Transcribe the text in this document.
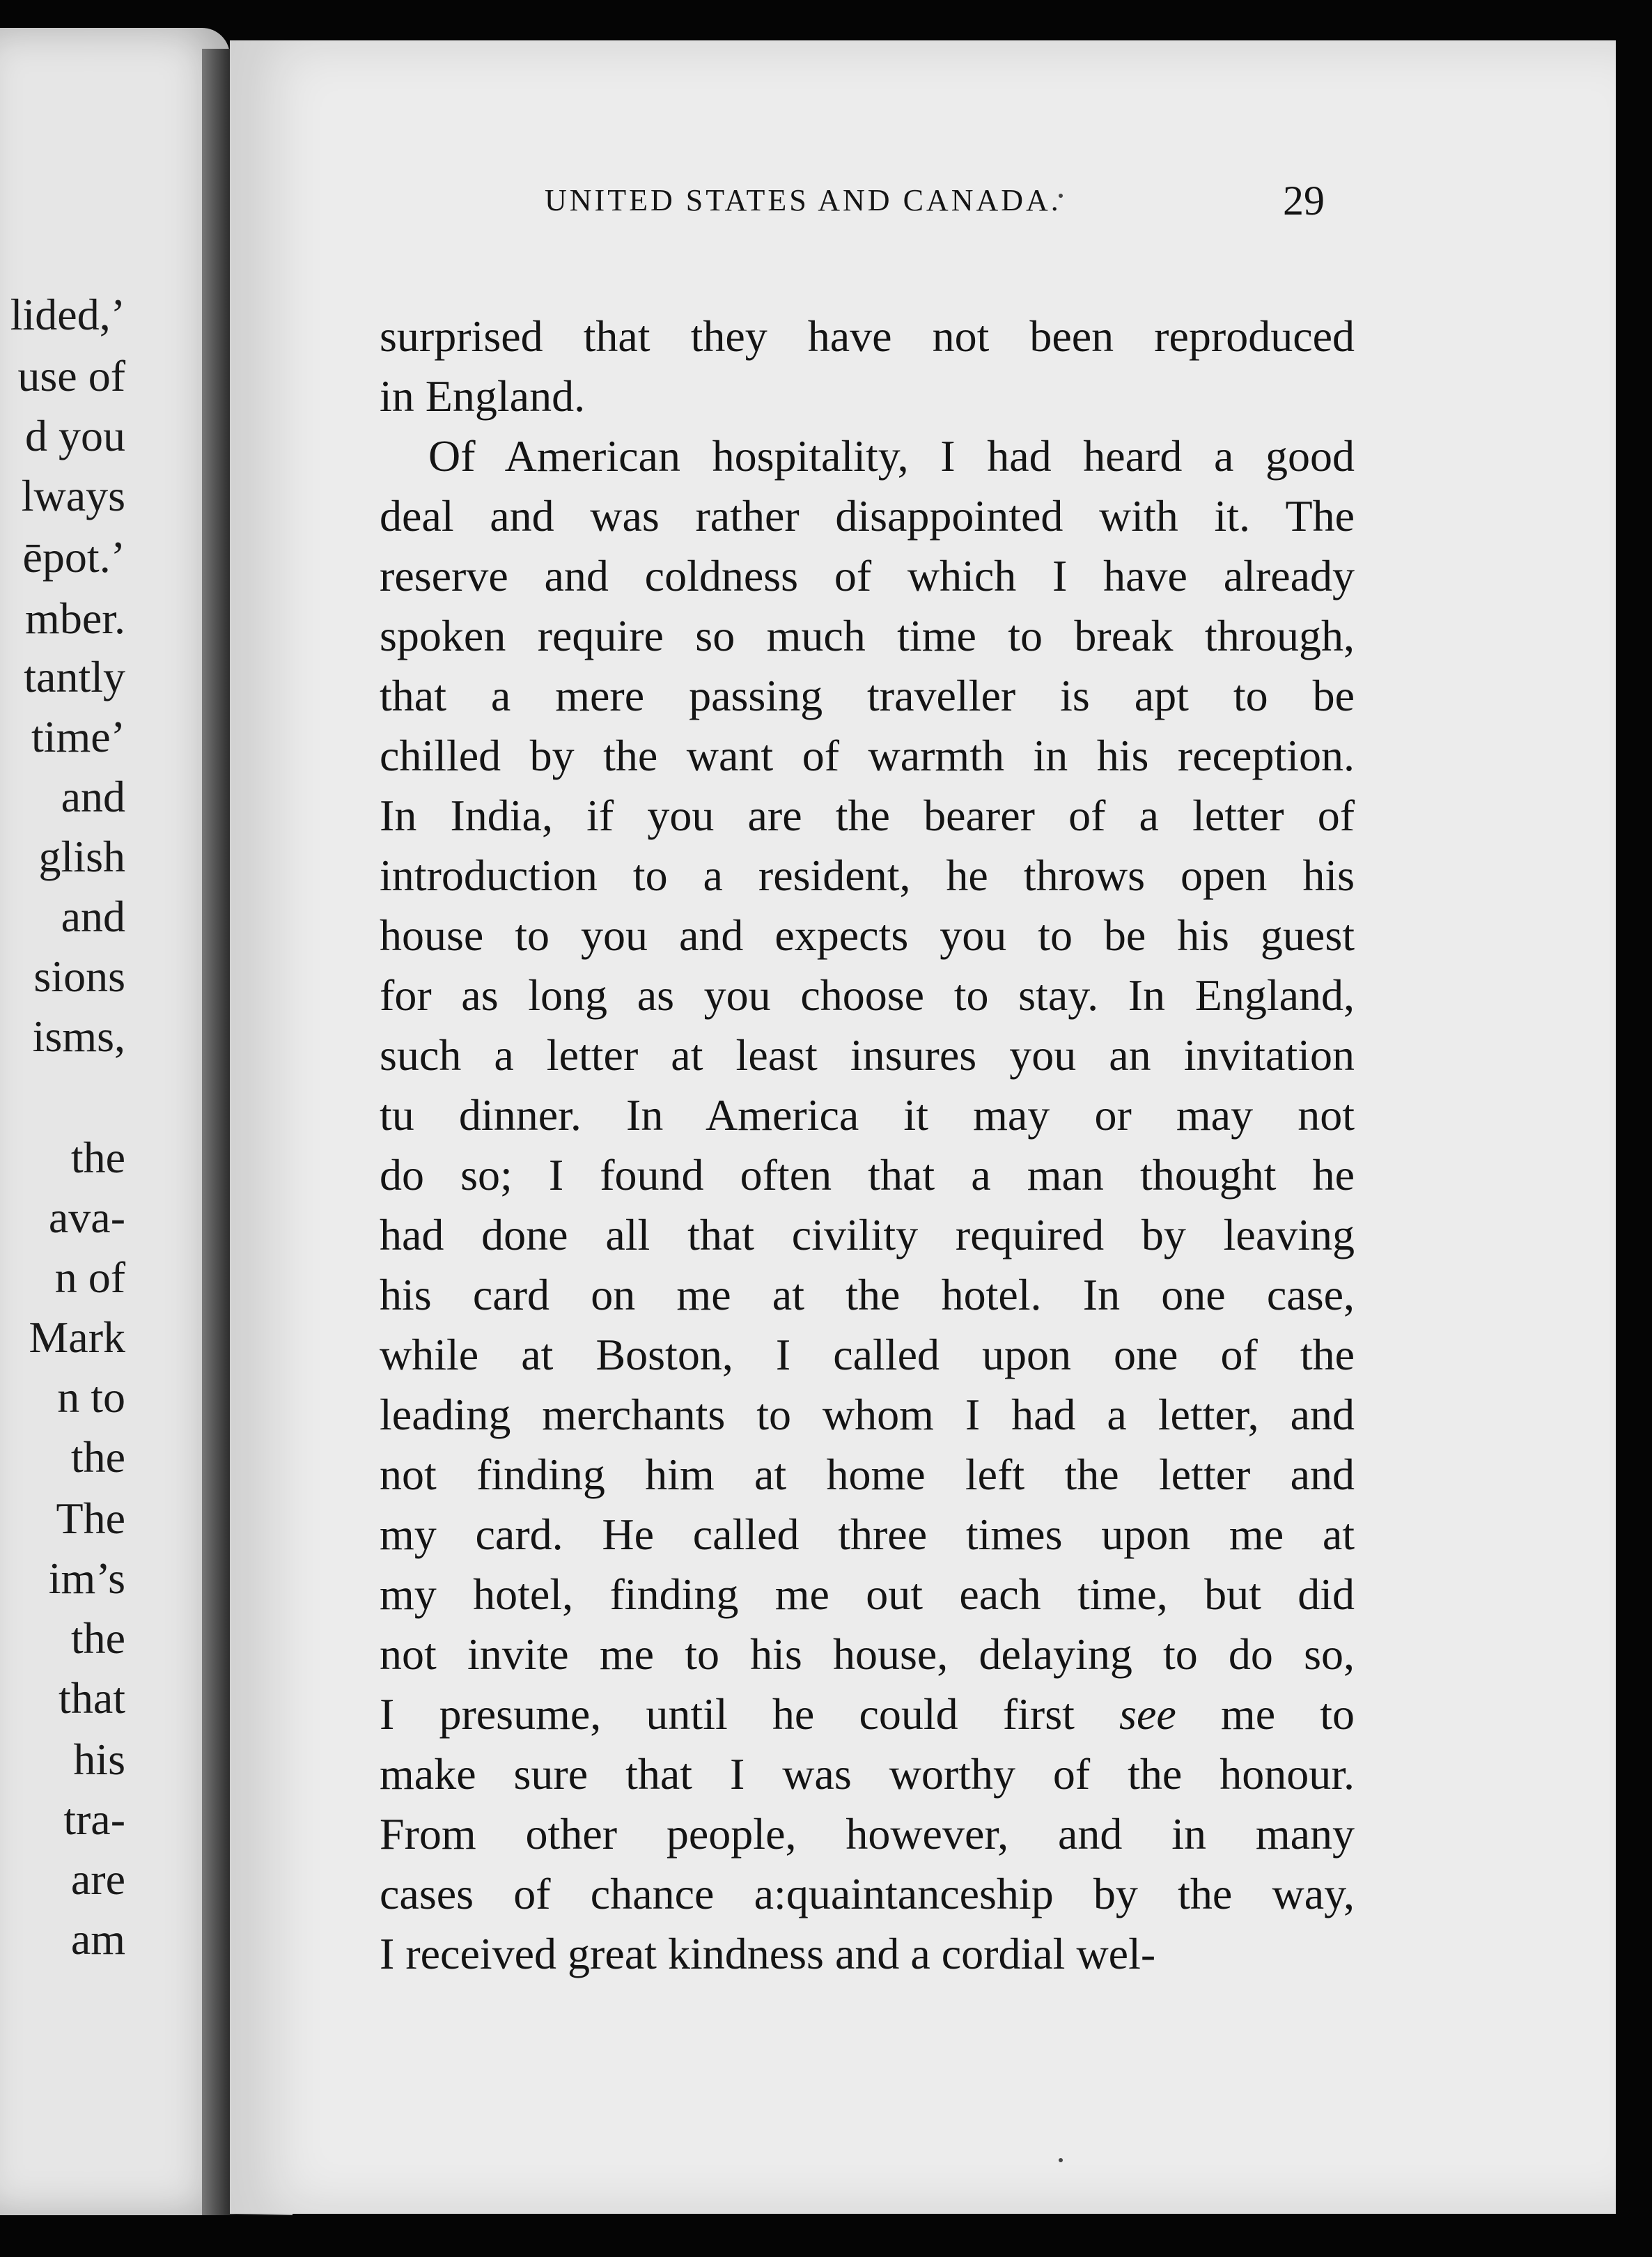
lided,’
use of
d you
lways
ēpot.’
mber.
tantly
time’
and
glish
and
sions
isms,
the
ava-
n of
Mark
n to
the
The
im’s
the
that
his
tra-
are
am
UNITED STATES AND CANADA.	29
surprised that they have not been reproduced
in England.
Of American hospitality, I had heard a good
deal and was rather disappointed with it. The
reserve and coldness of which I have already
spoken require so much time to break through,
that a mere passing traveller is apt to be
chilled by the want of warmth in his reception.
In India, if you are the bearer of a letter of
introduction to a resident, he throws open his
house to you and expects you to be his guest
for as long as you choose to stay. In England,
such a letter at least insures you an invitation
tu dinner. In America it may or may not
do so; I found often that a man thought he
had done all that civility required by leaving
his card on me at the hotel. In one case,
while at Boston, I called upon one of the
leading merchants to whom I had a letter, and
not finding him at home left the letter and
my card. He called three times upon me at
my hotel, finding me out each time, but did
not invite me to his house, delaying to do so,
I presume, until he could first see me to
make sure that I was worthy of the honour.
From other people, however, and in many
cases of chance a:quaintanceship by the way,
I received great kindness and a cordial wel-
